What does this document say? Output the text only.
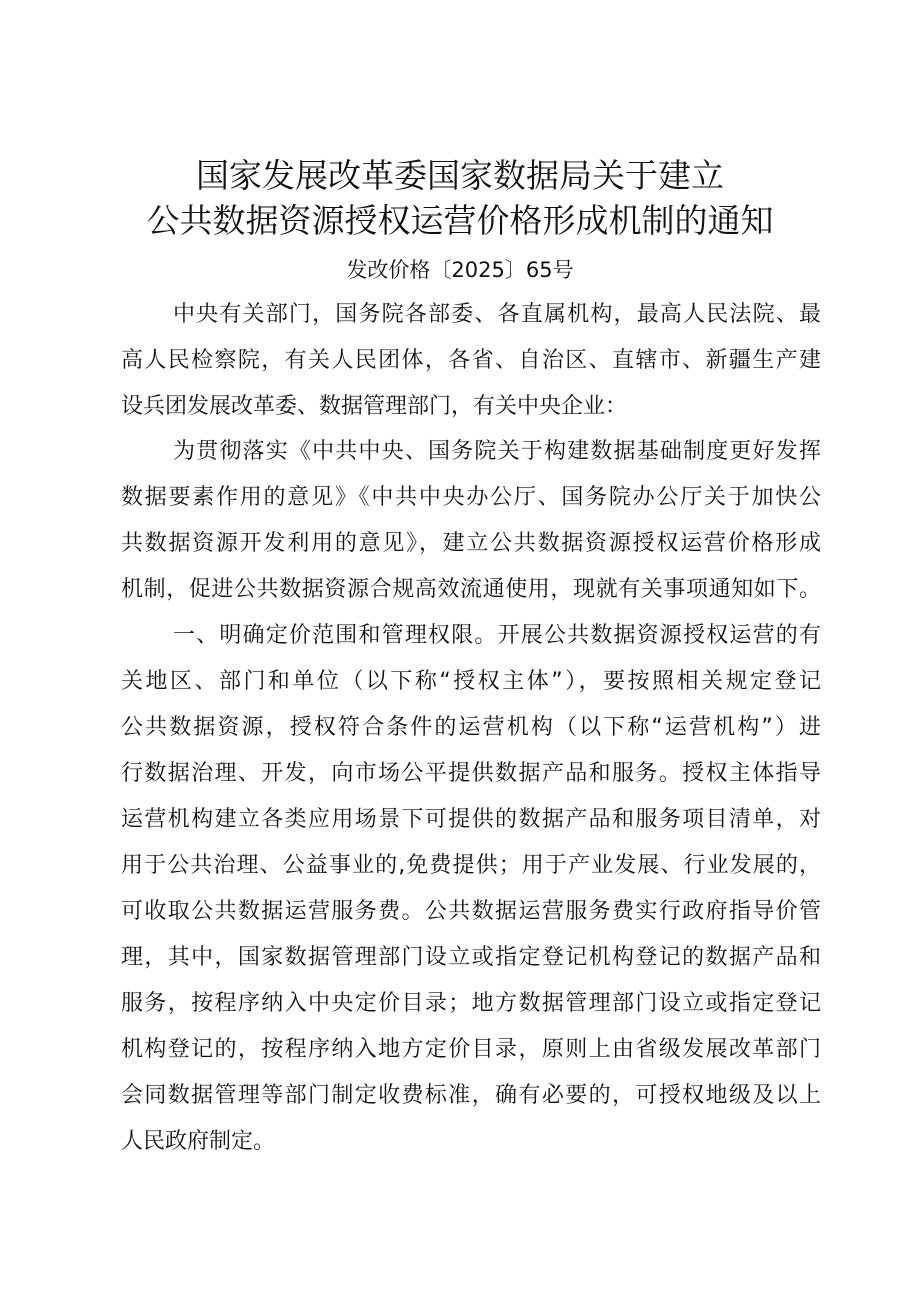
国家发展改革委国家数据局关于建立
公共数据资源授权运营价格形成机制的通知
发改价格〔2025〕65号
中央有关部门，国务院各部委、各直属机构，最高人民法院、最
高人民检察院，有关人民团体，各省、自治区、直辖市、新疆生产建
设兵团发展改革委、数据管理部门，有关中央企业：
为贯彻落实《中共中央、国务院关于构建数据基础制度更好发挥
数据要素作用的意见》《中共中央办公厅、国务院办公厅关于加快公
共数据资源开发利用的意见》，建立公共数据资源授权运营价格形成
机制，促进公共数据资源合规高效流通使用，现就有关事项通知如下。
一、明确定价范围和管理权限。开展公共数据资源授权运营的有
关地区、部门和单位（以下称“授权主体”），要按照相关规定登记
公共数据资源，授权符合条件的运营机构（以下称“运营机构”）进
行数据治理、开发，向市场公平提供数据产品和服务。授权主体指导
运营机构建立各类应用场景下可提供的数据产品和服务项目清单，对
用于公共治理、公益事业的,免费提供；用于产业发展、行业发展的，
可收取公共数据运营服务费。公共数据运营服务费实行政府指导价管
理，其中，国家数据管理部门设立或指定登记机构登记的数据产品和
服务，按程序纳入中央定价目录；地方数据管理部门设立或指定登记
机构登记的，按程序纳入地方定价目录，原则上由省级发展改革部门
会同数据管理等部门制定收费标准，确有必要的，可授权地级及以上
人民政府制定。
